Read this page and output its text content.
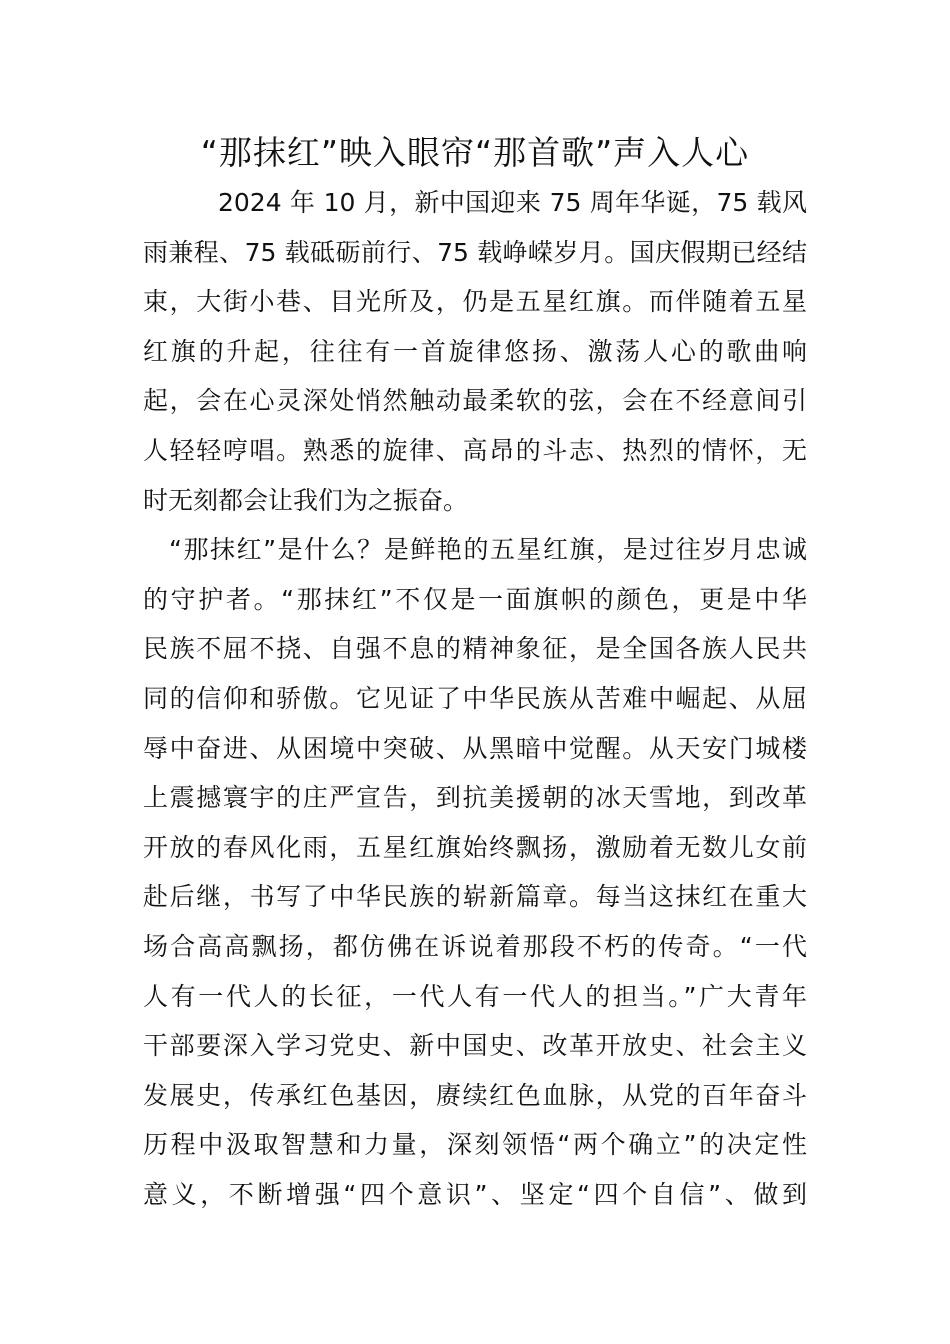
“那抹红”映入眼帘“那首歌”声入人心
2024 年 10 月，新中国迎来 75 周年华诞，75 载风
雨兼程、75 载砥砺前行、75 载峥嵘岁月。国庆假期已经结
束，大街小巷、目光所及，仍是五星红旗。而伴随着五星
红旗的升起，往往有一首旋律悠扬、激荡人心的歌曲响
起，会在心灵深处悄然触动最柔软的弦，会在不经意间引
人轻轻哼唱。熟悉的旋律、高昂的斗志、热烈的情怀，无
时无刻都会让我们为之振奋。
“那抹红”是什么？是鲜艳的五星红旗，是过往岁月忠诚
的守护者。“那抹红”不仅是一面旗帜的颜色，更是中华
民族不屈不挠、自强不息的精神象征，是全国各族人民共
同的信仰和骄傲。它见证了中华民族从苦难中崛起、从屈
辱中奋进、从困境中突破、从黑暗中觉醒。从天安门城楼
上震撼寰宇的庄严宣告，到抗美援朝的冰天雪地，到改革
开放的春风化雨，五星红旗始终飘扬，激励着无数儿女前
赴后继，书写了中华民族的崭新篇章。每当这抹红在重大
场合高高飘扬，都仿佛在诉说着那段不朽的传奇。“一代
人有一代人的长征，一代人有一代人的担当。”广大青年
干部要深入学习党史、新中国史、改革开放史、社会主义
发展史，传承红色基因，赓续红色血脉，从党的百年奋斗
历程中汲取智慧和力量，深刻领悟“两个确立”的决定性
意义，不断增强“四个意识”、坚定“四个自信”、做到
